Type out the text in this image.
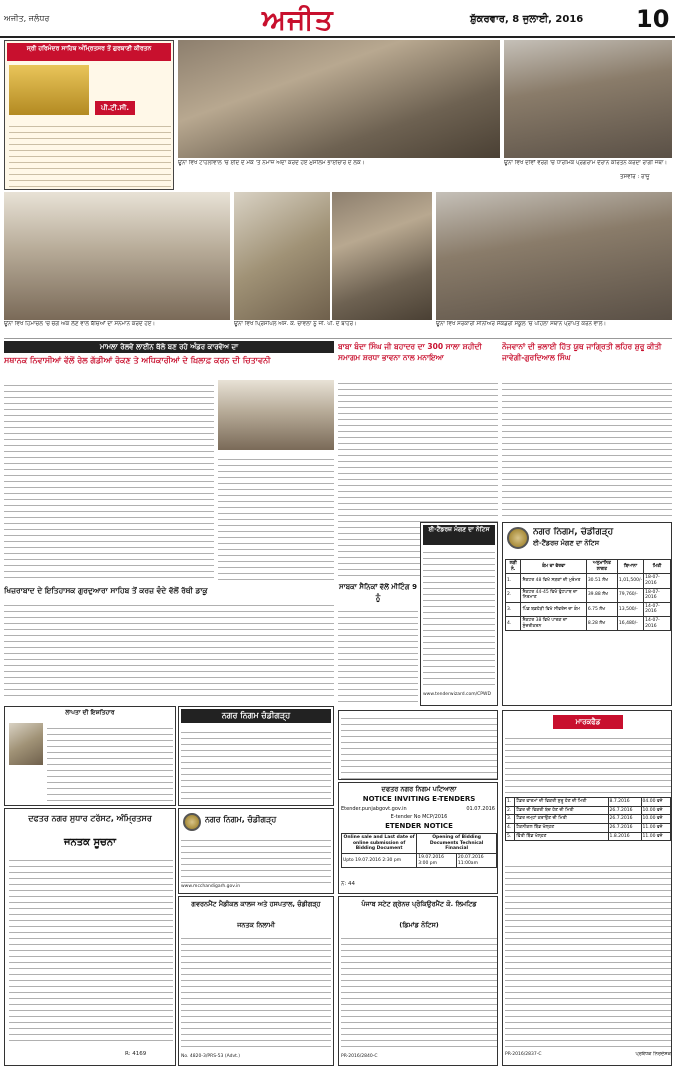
ਅਜੀਤ, ਜਲੰਧਰ	ਅਜੀਤ	ਸ਼ੁੱਕਰਵਾਰ, 8 ਜੁਲਾਈ, 2016 10
ਸ੍ਰੀ ਹਰਿਮੰਦਰ ਸਾਹਿਬ ਅੰਮ੍ਰਿਤਸਰ ਤੋਂ ਗੁਰਬਾਣੀ ਕੀਰਤਨ
ਪੀ.ਟੀ.ਸੀ.
ਊਨਾ ਵਿਖੇ ਟਾਹਲੀਵਾਲ 'ਚ ਈਦ ਦੇ ਮੌਕੇ 'ਤੇ ਨਮਾਜ਼ ਅਦਾ ਕਰਦੇ ਹੋਏ ਮੁਸਲਿਮ ਭਾਈਚਾਰੇ ਦੇ ਲੋਕ।	ਊਨਾ ਵਿਖੇ ਦੀਵਾਂ ਵਰਗ 'ਚ ਧਾਰਮਿਕ ਪ੍ਰੋਗਰਾਮ ਦੌਰਾਨ ਕੀਰਤਨ ਕਰਦਾ ਰਾਗੀ ਜਥਾ।
ਤਸਵੀਰ : ਰਾਜੂ
ਊਨਾ ਵਿਖੇ ਹਿਮਾਚਲ 'ਚ ਚੰਗੇ ਅੰਕ ਲੈਣ ਵਾਲੇ ਬੱਚਿਆਂ ਦਾ ਸਨਮਾਨ ਕਰਦੇ ਹੋਏ।	ਊਨਾ ਵਿਖੇ ਪ੍ਰਿੰਸੀਪਲ ਐਸ. ਕੇ. ਚਾਵਲਾ ਨੂੰ ਜੀ. ਪੀ. ਦੇ ਬਾਹਰ।	ਊਨਾ ਵਿਖੇ ਸਰਕਾਰੀ ਸੀਨੀਅਰ ਸੈਕੰਡਰੀ ਸਕੂਲ 'ਚ ਪਹਿਲਾ ਸਥਾਨ ਪ੍ਰਾਪਤ ਕਰਨ ਵਾਲੇ।
ਮਾਮਲਾ ਰੇਲਵੇ ਲਾਈਨ ਥੱਲੇ ਬਣ ਰਹੇ ਅੰਡਰ ਕਾਰਵੇਅ ਦਾ
ਸਥਾਨਕ ਨਿਵਾਸੀਆਂ ਵੱਲੋਂ ਰੇਲ ਗੱਡੀਆਂ ਰੋਕਣ ਤੇ ਅਧਿਕਾਰੀਆਂ ਦੇ ਖ਼ਿਲਾਫ਼ ਕਰਨ ਦੀ ਚਿਤਾਵਨੀ
ਬਾਬਾ ਬੰਦਾ ਸਿੰਘ ਜੀ ਬਹਾਦਰ ਦਾ 300 ਸਾਲਾ ਸ਼ਹੀਦੀ ਸਮਾਗਮ ਸ਼ਰਧਾ ਭਾਵਨਾ ਨਾਲ ਮਨਾਇਆ
ਨੌਜਵਾਨਾਂ ਦੀ ਭਲਾਈ ਹਿੱਤ ਯੂਥ ਜਾਗ੍ਰਿਤੀ ਲਹਿਰ ਸ਼ੁਰੂ ਕੀਤੀ ਜਾਵੇਗੀ-ਗੁਰਦਿਆਲ ਸਿੰਘ
ਖਿਜ਼ਰਾਬਾਦ ਦੇ ਇਤਿਹਾਸਕ ਗੁਰਦੁਆਰਾ ਸਾਹਿਬ ਤੋਂ ਕਰਜ਼ ਵੰਦੇ ਵੱਲੋਂ ਰੱਥੀ ਡਾਕੂ	ਸਾਬਕਾ ਸੈਨਿਕਾਂ ਵੱਲੋਂ ਮੀਟਿੰਗ 9 ਨੂੰ
ਈ-ਟੈਂਡਰਜ਼ ਮੰਗਣ ਦਾ ਨੋਟਿਸ
www.tenderwizard.com/CPWD
ਨਗਰ ਨਿਗਮ, ਚੰਡੀਗੜ੍ਹ
ਈ-ਟੈਂਡਰਜ਼ ਮੰਗਣ ਦਾ ਨੋਟਿਸ
ਲੜੀ ਨੰ.	ਕੰਮ ਦਾ ਵੇਰਵਾ	ਅਨੁਮਾਨਿਤ ਲਾਗਤ	ਬਿਆਨਾ	ਮਿਤੀ
1.	ਸੈਕਟਰ 48 ਵਿਖੇ ਸੜਕਾਂ ਦੀ ਮੁਰੰਮਤ	30.51 ਲੱਖ	1,01,500/-	18-07-2016
2.	ਸੈਕਟਰ 44-45 ਵਿਖੇ ਫੁੱਟਪਾਥ ਦਾ ਨਿਰਮਾਣ	39.88 ਲੱਖ	79,760/-	18-07-2016
3.	ਪਿੰਡ ਬਡਹੇੜੀ ਵਿਖੇ ਸੀਵਰੇਜ ਦਾ ਕੰਮ	6.75 ਲੱਖ	13,500/-	14-07-2016
4.	ਸੈਕਟਰ 38 ਵਿਖੇ ਪਾਰਕ ਦਾ ਸੁੰਦਰੀਕਰਨ	8.28 ਲੱਖ	16,480/-	14-07-2016
ਲਾਪਤਾ ਦੀ ਇਸ਼ਤਿਹਾਰ	ਨਗਰ ਨਿਗਮ ਚੰਡੀਗੜ੍ਹ
ਨਗਰ ਨਿਗਮ, ਚੰਡੀਗੜ੍ਹ
www.mcchandigarh.gov.in
ਦਫਤਰ ਨਗਰ ਨਿਗਮ ਪਟਿਆਲਾ
NOTICE INVITING E-TENDERS
Etender.punjabgovt.gov.in	01.07.2016
E-tender No MCP/2016
ETENDER NOTICE
Online sale and Last date of online submission of Bidding Document	Opening of Bidding Documents Technical Financial	
Upto 19.07.2016 2:30 pm	19.07.2016 3:00 pm	20.07.2016 11:00am
ਨੰ: 44
ਦਫਤਰ ਨਗਰ ਸੁਧਾਰ ਟਰੱਸਟ, ਅੰਮ੍ਰਿਤਸਰ
ਜਨਤਕ ਸੂਚਨਾ
R: 4169
ਗਵਰਨਮੈਂਟ ਮੈਡੀਕਲ ਕਾਲਜ ਅਤੇ ਹਸਪਤਾਲ, ਚੰਡੀਗੜ੍ਹ
ਜਨਤਕ ਨਿਲਾਮੀ
No. 4820-3/PRS-53 (Advt.)
ਪੰਜਾਬ ਸਟੇਟ ਗ੍ਰੇਨਜ਼ ਪ੍ਰੋਕਿਉਰਮੈਂਟ ਕੋ. ਲਿਮਟਿਡ
(ਡਿਮਾਂਡ ਨੋਟਿਸ)
PR-2016/2840-C
ਮਾਰਕਫੈਡ
1.	ਟੈਂਡਰ ਫਾਰਮਾਂ ਦੀ ਵਿਕਰੀ ਸ਼ੁਰੂ ਹੋਣ ਦੀ ਮਿਤੀ	8.7.2016	04.00 ਵਜੇ
2.	ਟੈਂਡਰ ਦੀ ਵਿਕਰੀ ਬੰਦ ਹੋਣ ਦੀ ਮਿਤੀ	26.7.2016	10.00 ਵਜੇ
3.	ਟੈਂਡਰ ਜਮ੍ਹਾਂ ਕਰਾਉਣ ਦੀ ਮਿਤੀ	26.7.2016	10.00 ਵਜੇ
4.	ਟੈਕਨੀਕਲ ਬਿੱਡ ਖੋਲ੍ਹਣ	26.7.2016	11.00 ਵਜੇ
5.	ਵਿੱਤੀ ਬਿੱਡ ਖੋਲ੍ਹਣ	1.8.2016	11.00 ਵਜੇ
PR-2016/2837-C	ਪ੍ਰਬੰਧਕ ਨਿਰਦੇਸ਼ਕ
